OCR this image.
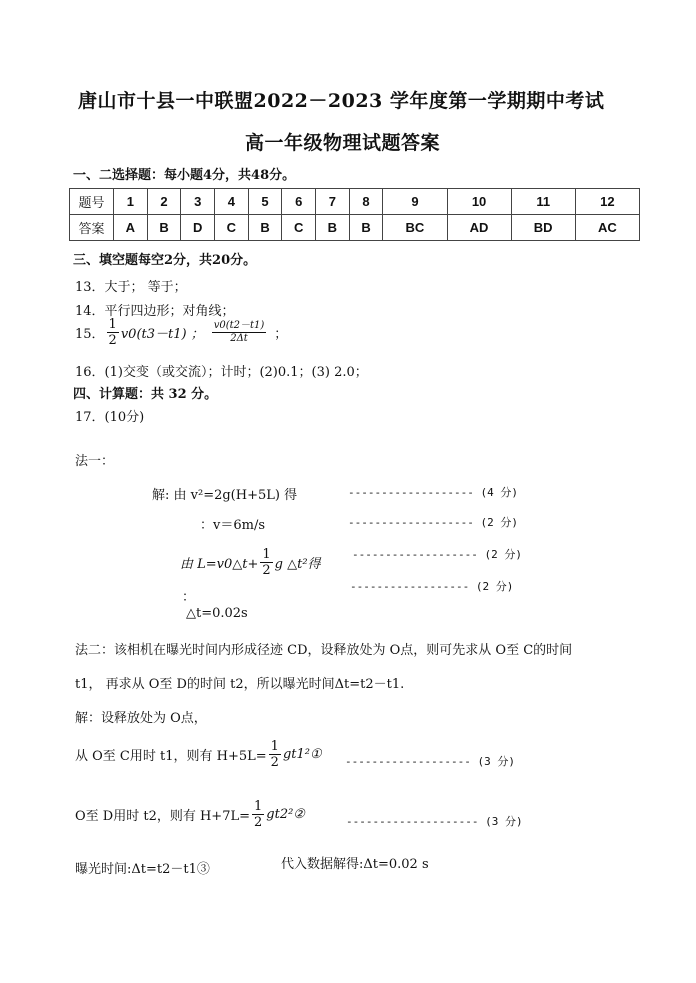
唐山市十县一中联盟2022－2023 学年度第一学期期中考试
高一年级物理试题答案
一、二选择题：每小题4分，共48分。
题号	1	2	3	4	5	6	7	8	9	10	11	12
答案	A	B	D	C	B	C	B	B	BC	AD	BD	AC
三、填空题每空2分，共20分。
13．大于； 等于；
14．平行四边形；对角线；
15． $\frac{1}{2} v0(t3-t1)$ ； $\frac{v0(t2-t1)}{2\Delta t}$ ；
16．(1)交变（或交流）；计时；(2)0.1；(3) 2.0；
四、计算题：共 32 分。
17．(10分)
法一：
解: 由 v²=2g(H+5L) 得	------------------- (4 分)
：v＝6m/s	------------------- (2 分)
由 L=v0△t+ $\frac{1}{2}$ g △t²得
------------------- (2 分)
：
------------------ (2 分)
△t=0.02s
法二：该相机在曝光时间内形成径迹 CD，设释放处为 O点，则可先求从 O至 C的时间
t1， 再求从 O至 D的时间 t2，所以曝光时间Δt=t2－t1.
解：设释放处为 O点，
从 O至 C用时 t1，则有 $H+5L= \frac{1}{2}$ gt1²① ------------------- (3 分)
O至 D用时 t2，则有 $H+7L= \frac{1}{2}$ gt2²②	-------------------- (3 分)
曝光时间:Δt=t2－t1③	代入数据解得:Δt=0.02 s
